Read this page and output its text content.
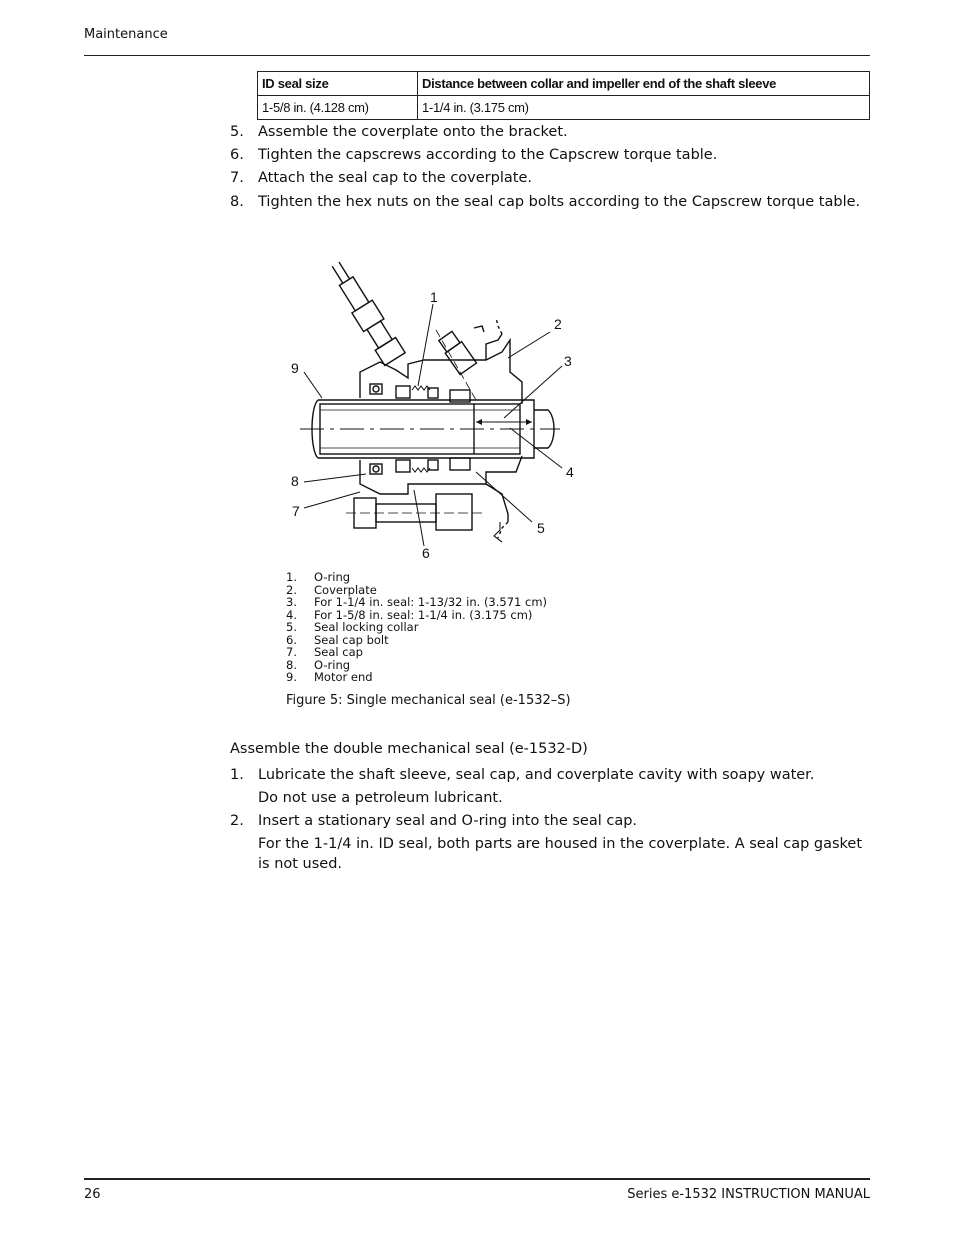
Maintenance
ID seal size	Distance between collar and impeller end of the shaft sleeve
1-5/8 in. (4.128 cm)	1-1/4 in. (3.175 cm)
5. Assemble the coverplate onto the bracket.
6. Tighten the capscrews according to the Capscrew torque table.
7. Attach the seal cap to the coverplate.
8. Tighten the hex nuts on the seal cap bolts according to the Capscrew torque table.
1
2
3
4
5
6
7
8
9
1. O-ring
2. Coverplate
3. For 1-1/4 in. seal: 1-13/32 in. (3.571 cm)
4. For 1-5/8 in. seal: 1-1/4 in. (3.175 cm)
5. Seal locking collar
6. Seal cap bolt
7. Seal cap
8. O-ring
9. Motor end
Figure 5: Single mechanical seal (e-1532–S)
Assemble the double mechanical seal (e-1532-D)
1. Lubricate the shaft sleeve, seal cap, and coverplate cavity with soapy water.
Do not use a petroleum lubricant.
2. Insert a stationary seal and O-ring into the seal cap.
For the 1-1/4 in. ID seal, both parts are housed in the coverplate. A seal cap gasket is not used.
26	Series e-1532 INSTRUCTION MANUAL
